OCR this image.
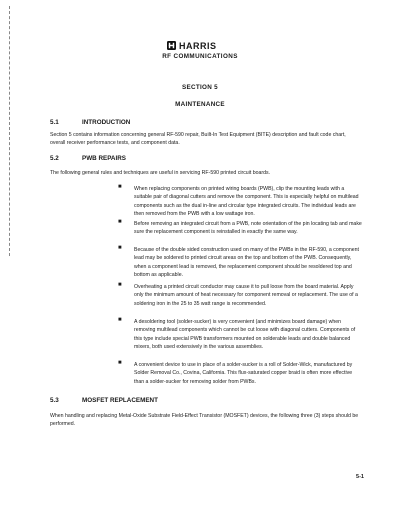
HARRIS
RF COMMUNICATIONS
SECTION 5
MAINTENANCE
5.1	INTRODUCTION

Section 5 contains information concerning general RF-590 repair, Built-In Test Equipment (BITE) description and fault code chart, overall receiver performance tests, and component data.

5.2	PWB REPAIRS

The following general rules and techniques are useful in servicing RF-590 printed circuit boards.

■ When replacing components on printed wiring boards (PWB), clip the mounting leads with a suitable pair of diagonal cutters and remove the component. This is especially helpful on multilead components such as the dual in-line and circular type integrated circuits. The individual leads are then removed from the PWB with a low wattage iron.

■ Before removing an integrated circuit from a PWB, note orientation of the pin locating tab and make sure the replacement component is reinstalled in exactly the same way.

■ Because of the double sided construction used on many of the PWBs in the RF-590, a component lead may be soldered to printed circuit areas on the top and bottom of the PWB. Consequently, when a component lead is removed, the replacement component should be resoldered top and bottom as applicable.

■ Overheating a printed circuit conductor may cause it to pull loose from the board material. Apply only the minimum amount of heat necessary for component removal or replacement. The use of a soldering iron in the 25 to 35 watt range is recommended.

■ A desoldering tool (solder-sucker) is very convenient (and minimizes board damage) when removing multilead components which cannot be cut loose with diagonal cutters. Components of this type include special PWB transformers mounted on solderable leads and double balanced mixers, both used extensively in the various assemblies.

■ A convenient device to use in place of a solder-sucker is a roll of Solder-Wick, manufactured by Solder Removal Co., Covina, California. This flux-saturated copper braid is often more effective than a solder-sucker for removing solder from PWBs.

5.3	MOSFET REPLACEMENT

When handling and replacing Metal-Oxide Substrate Field-Effect Transistor (MOSFET) devices, the following three (3) steps should be performed.

5-1
